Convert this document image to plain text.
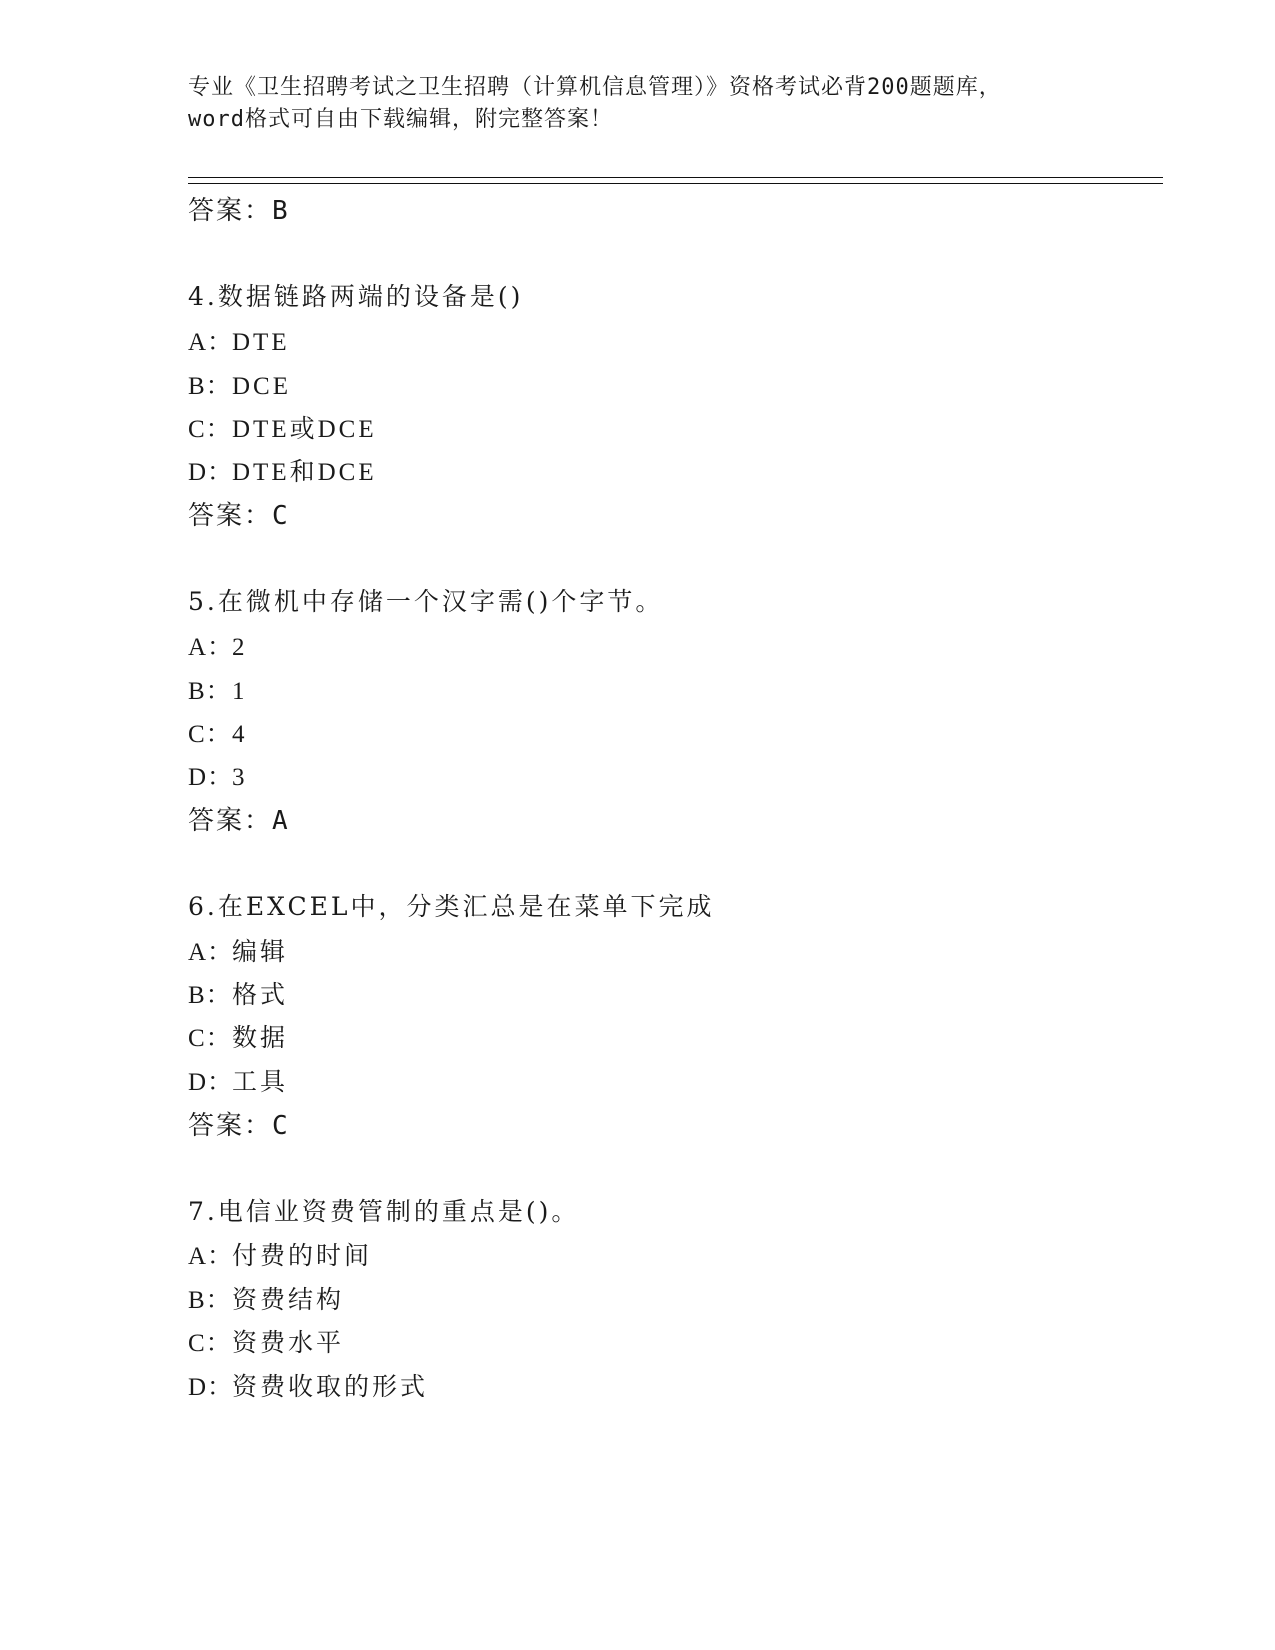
专业《卫生招聘考试之卫生招聘（计算机信息管理）》资格考试必背200题题库，
word格式可自由下载编辑，附完整答案！
答案：B
4.数据链路两端的设备是()
A：DTE
B：DCE
C：DTE或DCE
D：DTE和DCE
答案：C
5.在微机中存储一个汉字需()个字节。
A：2
B：1
C：4
D：3
答案：A
6.在EXCEL中，分类汇总是在菜单下完成
A：编辑
B：格式
C：数据
D：工具
答案：C
7.电信业资费管制的重点是()。
A：付费的时间
B：资费结构
C：资费水平
D：资费收取的形式
